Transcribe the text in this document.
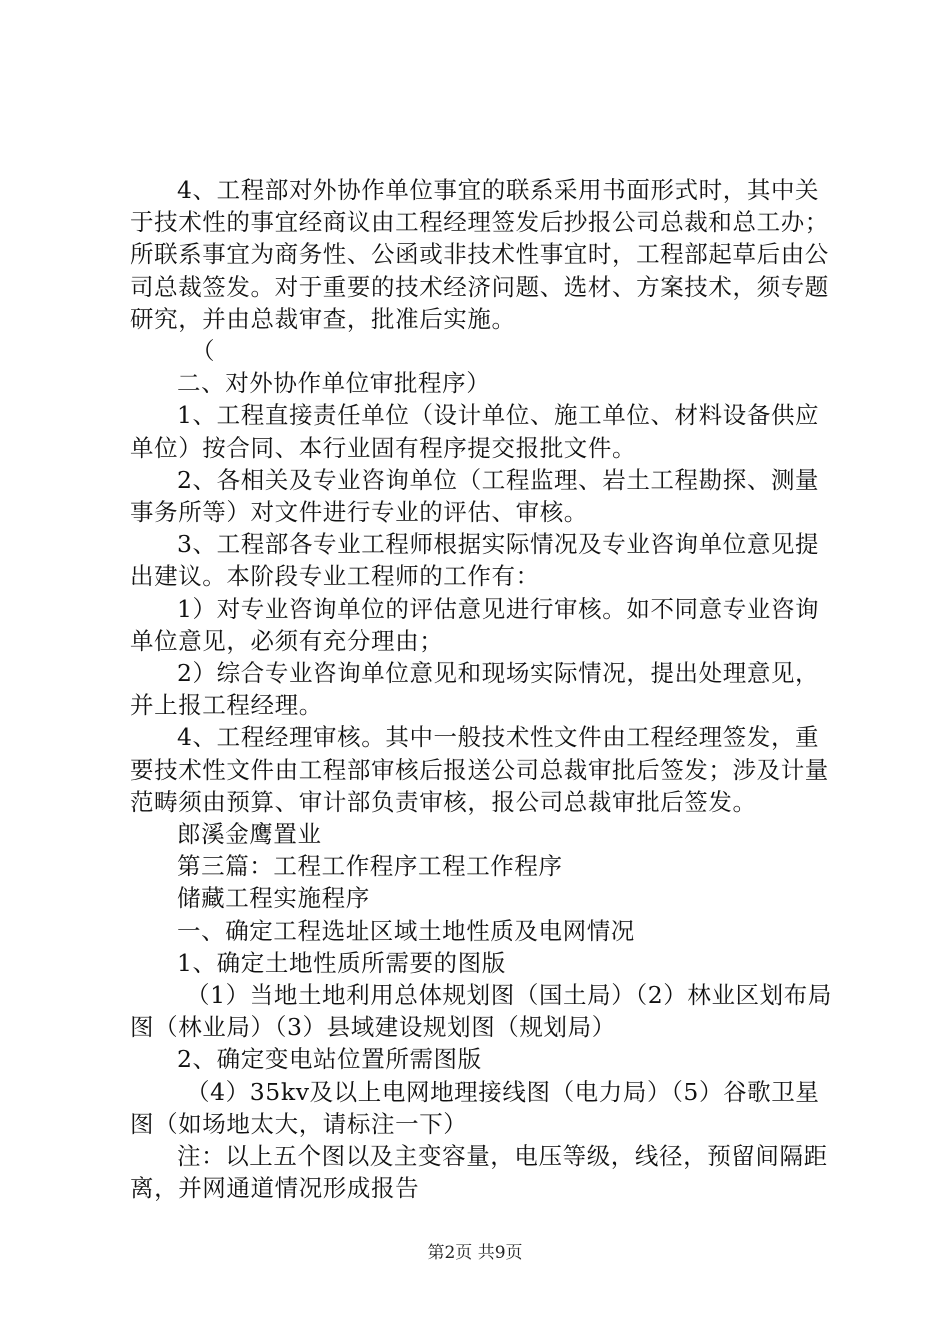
4、工程部对外协作单位事宜的联系采用书面形式时，其中关于技术性的事宜经商议由工程经理签发后抄报公司总裁和总工办；所联系事宜为商务性、公函或非技术性事宜时，工程部起草后由公司总裁签发。对于重要的技术经济问题、选材、方案技术，须专题研究，并由总裁审查，批准后实施。

（

二、对外协作单位审批程序）

1、工程直接责任单位（设计单位、施工单位、材料设备供应单位）按合同、本行业固有程序提交报批文件。

2、各相关及专业咨询单位（工程监理、岩土工程勘探、测量事务所等）对文件进行专业的评估、审核。

3、工程部各专业工程师根据实际情况及专业咨询单位意见提出建议。本阶段专业工程师的工作有：

1）对专业咨询单位的评估意见进行审核。如不同意专业咨询单位意见，必须有充分理由；

2）综合专业咨询单位意见和现场实际情况，提出处理意见，并上报工程经理。

4、工程经理审核。其中一般技术性文件由工程经理签发，重要技术性文件由工程部审核后报送公司总裁审批后签发；涉及计量范畴须由预算、审计部负责审核，报公司总裁审批后签发。

郎溪金鹰置业

第三篇：工程工作程序工程工作程序

储藏工程实施程序

一、确定工程选址区域土地性质及电网情况

1、确定土地性质所需要的图版

（1）当地土地利用总体规划图（国土局）（2）林业区划布局图（林业局）（3）县域建设规划图（规划局）

2、确定变电站位置所需图版

（4）35kv及以上电网地理接线图（电力局）（5）谷歌卫星图（如场地太大，请标注一下）

注：以上五个图以及主变容量，电压等级，线径，预留间隔距离，并网通道情况形成报告

第2页 共9页
